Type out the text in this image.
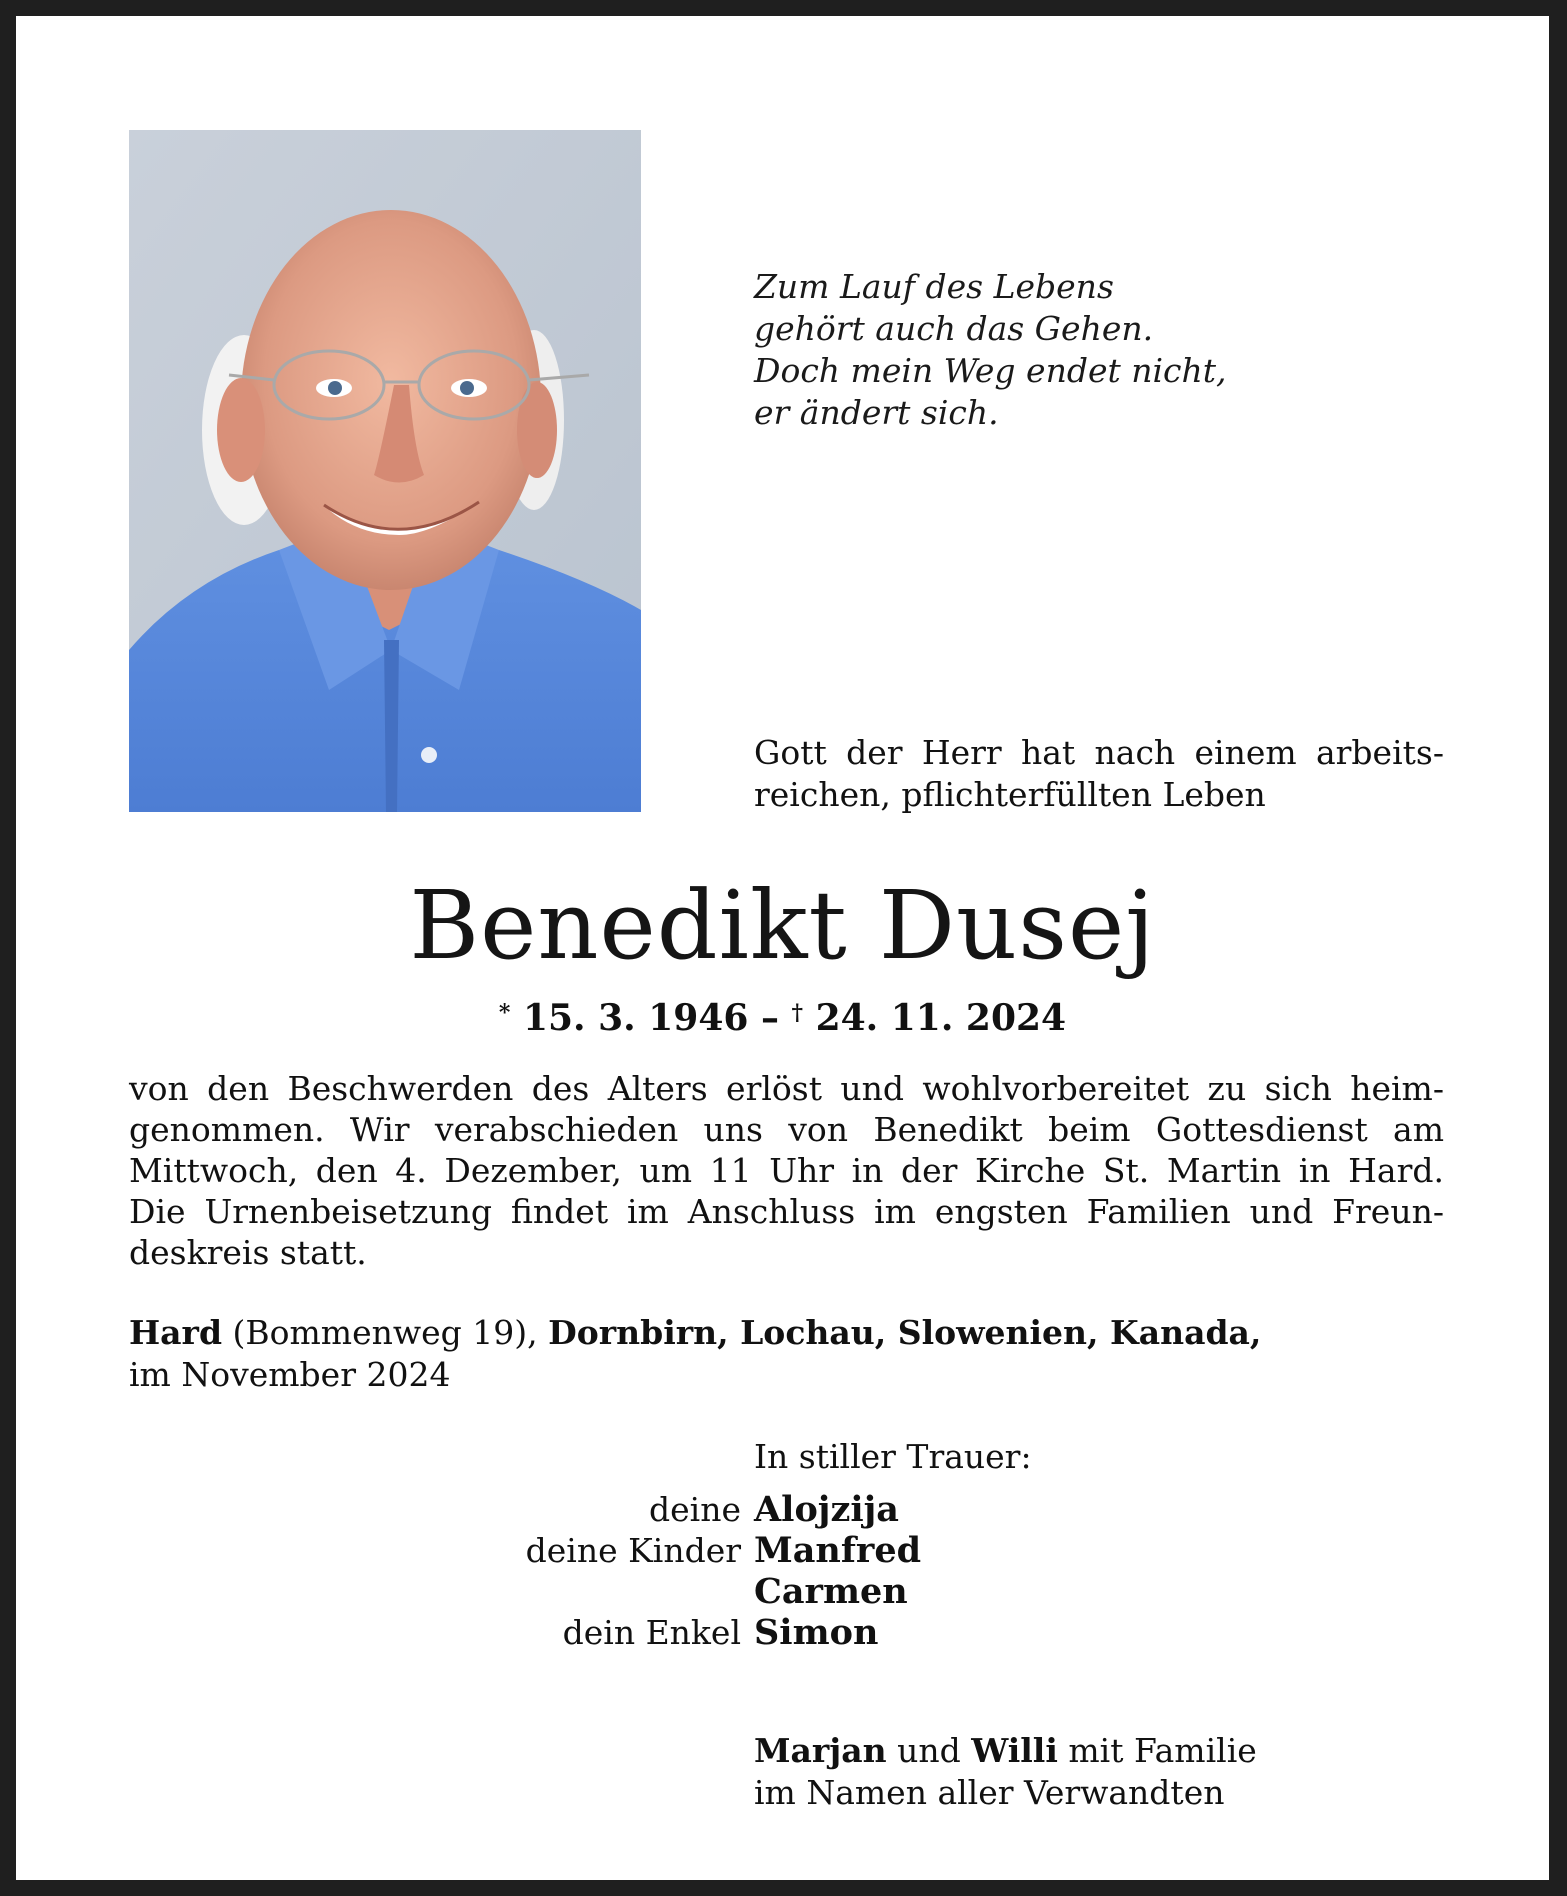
Zum Lauf des Lebens
gehört auch das Gehen.
Doch mein Weg endet nicht,
er ändert sich.
Gott der Herr hat nach einem arbeits-
reichen, pflichterfüllten Leben
Benedikt Dusej
* 15. 3. 1946 – † 24. 11. 2024
von den Beschwerden des Alters erlöst und wohlvorbereitet zu sich heim-
genommen. Wir verabschieden uns von Benedikt beim Gottesdienst am
Mittwoch, den 4. Dezember, um 11 Uhr in der Kirche St. Martin in Hard.
Die Urnenbeisetzung findet im Anschluss im engsten Familien und Freun-
deskreis statt.
Hard (Bommenweg 19), Dornbirn, Lochau, Slowenien, Kanada,
im November 2024
In stiller Trauer:
deine
deine Kinder
dein Enkel
Alojzija
Manfred
Carmen
Simon
Marjan und Willi mit Familie
im Namen aller Verwandten
